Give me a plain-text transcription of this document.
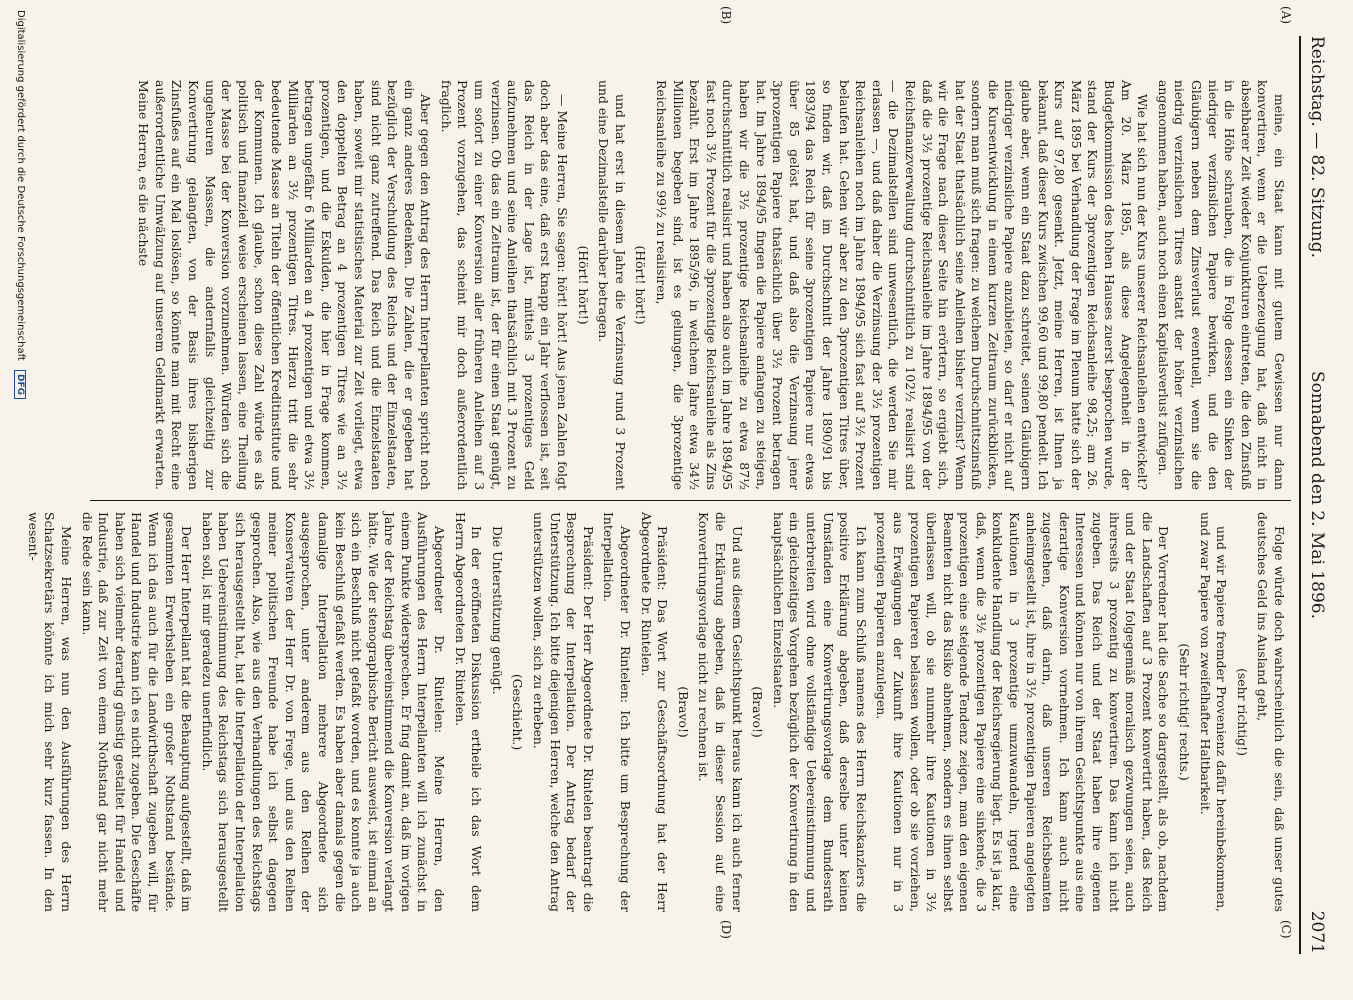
Reichstag. — 82. Sitzung.
Sonnabend den 2. Mai 1896.
2071
(A)
(B)
(C)
(D)

meine, ein Staat kann mit gutem Gewissen nur dann konvertiren, wenn er die Ueberzeugung hat, daß nicht in absehbarer Zeit wieder Konjunkturen eintreten, die den Zinsfuß in die Höhe schrauben, die in Folge dessen ein Sinken der niedriger verzinslichen Papiere bewirken, und die den Gläubigern neben dem Zinsverlust eventuell, wenn sie die niedrig verzinslichen Titres anstatt der höher verzinslichen angenommen haben, auch noch einen Kapitalsverlust zufügen.

Wie hat sich nun der Kurs unserer Reichsanleihen entwickelt? Am 20. März 1895, als diese Angelegenheit in der Budgetkommission des hohen Hauses zuerst besprochen wurde, stand der Kurs der 3prozentigen Reichsanleihe 98,25; am 26. März 1895 bei Verhandlung der Frage im Plenum hatte sich der Kurs auf 97,80 gesenkt. Jetzt, meine Herren, ist Ihnen ja bekannt, daß dieser Kurs zwischen 99,60 und 99,80 pendelt. Ich glaube aber, wenn ein Staat dazu schreitet, seinen Gläubigern niedriger verzinsliche Papiere anzubieten, so darf er nicht auf die Kursentwicklung in einem kurzen Zeitraum zurückblicken, sondern man muß sich fragen: zu welchem Durchschnittszinsfuß hat der Staat thatsächlich seine Anleihen bisher verzinst? Wenn wir die Frage nach dieser Seite hin erörtern, so ergiebt sich, daß die 3½ prozentige Reichsanleihe im Jahre 1894/95 von der Reichsfinanzverwaltung durchschnittlich zu 102½ realisirt sind — die Dezimalstellen sind unwesentlich, die werden Sie mir erlassen —, und daß daher die Verzinsung der 3½ prozentigen Reichsanleihen noch im Jahre 1894/95 sich fast auf 3½ Prozent belaufen hat. Gehen wir aber zu den 3prozentigen Titres über, so finden wir, daß im Durchschnitt der Jahre 1890/91 bis 1893/94 das Reich für seine 3prozentigen Papiere nur etwas über 85 gelöst hat, und daß also die Verzinsung jener 3prozentigen Papiere thatsächlich über 3½ Prozent betragen hat. Im Jahre 1894/95 fingen die Papiere anfangen zu steigen, haben wir die 3½ prozentige Reichsanleihe zu etwa 87½ durchschnittlich realisirt und haben also auch im Jahre 1894/95 fast noch 3½ Prozent für die 3prozentige Reichsanleihe als Zins bezahlt. Erst im Jahre 1895/96, in welchem Jahre etwa 34½ Millionen begeben sind, ist es gelungen, die 3prozentige Reichsanleihe zu 99½ zu realisiren,

(Hört! hört!)

und hat erst in diesem Jahre die Verzinsung rund 3 Prozent und eine Dezimalstelle darüber betragen.

(Hört! hört!)

— Meine Herren, Sie sagen: hört! hört! Aus jenen Zahlen folgt doch aber das eine, daß erst knapp ein Jahr verflossen ist, seit das Reich in der Lage ist, mittels 3 prozentiges Geld aufzunehmen und seine Anleihen thatsächlich mit 3 Prozent zu verzinsen. Ob das ein Zeitraum ist, der für einen Staat genügt, um sofort zu einer Konversion aller früheren Anleihen auf 3 Prozent vorzugehen, das scheint mir doch außerordentlich fraglich.

Aber gegen den Antrag des Herrn Interpellanten spricht noch ein ganz anderes Bedenken. Die Zahlen, die er gegeben hat bezüglich der Verschuldung des Reichs und der Einzelstaaten, sind nicht ganz zutreffend. Das Reich und die Einzelstaaten haben, soweit mir statistisches Material zur Zeit vorliegt, etwa den doppelten Betrag an 4 prozentigen Titres wie an 3½ prozentigen, und die Eskulden, die hier in Frage kommen, betragen ungefähr 6 Milliarden an 4 prozentigen und etwa 3½ Milliarden an 3½ prozentigen Titres. Hierzu tritt die sehr bedeutende Masse an Titeln der öffentlichen Kreditinstitute und der Kommunen. Ich glaube, schon diese Zahl würde es als politisch und finanziell weise erscheinen lassen, eine Theilung der Masse bei der Konversion vorzunehmen. Würden sich die ungeheuren Massen, die andernfalls gleichzeitig zur Konvertirung gelangten, von der Basis ihres bisherigen Zinsfußes auf ein Mal loslösen, so könnte man mit Recht eine außerordentliche Umwälzung auf unserem Geldmarkt erwarten. Meine Herren, es die nächste

Folge würde doch wahrscheinlich die sein, daß unser gutes deutsches Geld ins Ausland geht,

(sehr richtig!)

und wir Papiere fremder Provenienz dafür hereinbekommen, und zwar Papiere von zweifelhafter Haltbarkeit.

(Sehr richtig! rechts.)

Der Vorredner hat die Sache so dargestellt, als ob, nachdem die Landschaften auf 3 Prozent konvertirt haben, das Reich und der Staat folgegemäß moralisch gezwungen seien, auch ihrerseits 3 prozentig zu konvertiren. Das kann ich nicht zugeben. Das Reich und der Staat haben ihre eigenen Interessen und können nur von ihrem Gesichtspunkte aus eine derartige Konversion vornehmen. Ich kann auch nicht zugestehen, daß darin, daß unseren Reichsbeamten anheimgestellt ist, ihre in 3½ prozentigen Papieren angelegten Kautionen in 3 prozentige umzuwandeln, irgend eine konkludente Handlung der Reichsregierung liegt. Es ist ja klar, daß, wenn die 3½ prozentigen Papiere eine sinkende, die 3 prozentigen eine steigende Tendenz zeigen, man den eigenen Beamten nicht das Risiko abnehmen, sondern es ihnen selbst überlassen will, ob sie nunmehr ihre Kautionen in 3½ prozentigen Papieren belassen wollen, oder ob sie vorziehen, aus Erwägungen der Zukunft ihre Kautionen nur in 3 prozentigen Papieren anzulegen.

Ich kann zum Schluß namens des Herrn Reichskanzlers die positive Erklärung abgeben, daß derselbe unter keinen Umständen eine Konvertirungsvorlage dem Bundesrath unterbreiten wird ohne vollständige Uebereinstimmung und ein gleichzeitiges Vorgehen bezüglich der Konvertirung in den hauptsächlichen Einzelstaaten.

(Bravo!)

Und aus diesem Gesichtspunkt heraus kann ich auch ferner die Erklärung abgeben, daß in dieser Session auf eine Konvertirungsvorlage nicht zu rechnen ist.

(Bravo!)

Präsident: Das Wort zur Geschäftsordnung hat der Herr Abgeordnete Dr. Rintelen.

Abgeordneter Dr. Rintelen: Ich bitte um Besprechung der Interpellation.

Präsident: Der Herr Abgeordnete Dr. Rintelen beantragt die Besprechung der Interpellation. Der Antrag bedarf der Unterstützung. Ich bitte diejenigen Herren, welche den Antrag unterstützen wollen, sich zu erheben.

(Geschieht.)

Die Unterstützung genügt.

In der eröffneten Diskussion ertheile ich das Wort dem Herrn Abgeordneten Dr. Rintelen.

Abgeordneter Dr. Rintelen: Meine Herren, den Ausführungen des Herrn Interpellanten will ich zunächst in einem Punkte widersprechen. Er fing damit an, daß im vorigen Jahre der Reichstag übereinstimmend die Konversion verlangt hätte. Wie der stenographische Bericht ausweist, ist einmal an sich ein Beschluß nicht gefaßt worden, und es konnte ja auch kein Beschluß gefaßt werden. Es haben aber damals gegen die damalige Interpellation mehrere Abgeordnete sich ausgesprochen, unter anderem aus den Reihen der Konservativen der Herr Dr. von Frege, und aus den Reihen meiner politischen Freunde habe ich selbst dagegen gesprochen. Also, wie aus den Verhandlungen des Reichstags sich herausgestellt hat, hat die Interpellation der Interpellation haben Uebereinstimmung des Reichstags sich herausgestellt haben soll, ist mir geradezu unerfindlich.

Der Herr Interpellant hat die Behauptung aufgestellt, daß im gesammten Erwerbsleben ein großer Nothstand bestände. Wenn ich das auch für die Landwirthschaft zugeben will, für Handel und Industrie kann ich es nicht zugeben. Die Geschäfte haben sich vielmehr derartig günstig gestaltet für Handel und Industrie, daß zur Zeit von einem Nothstand gar nicht mehr die Rede sein kann.

Meine Herren, was nun den Ausführungen des Herrn Schatzsekretärs könnte ich mich sehr kurz fassen. In den wesent-

Digitalisierung gefördert durch die Deutsche Forschungsgemeinschaft DFG
